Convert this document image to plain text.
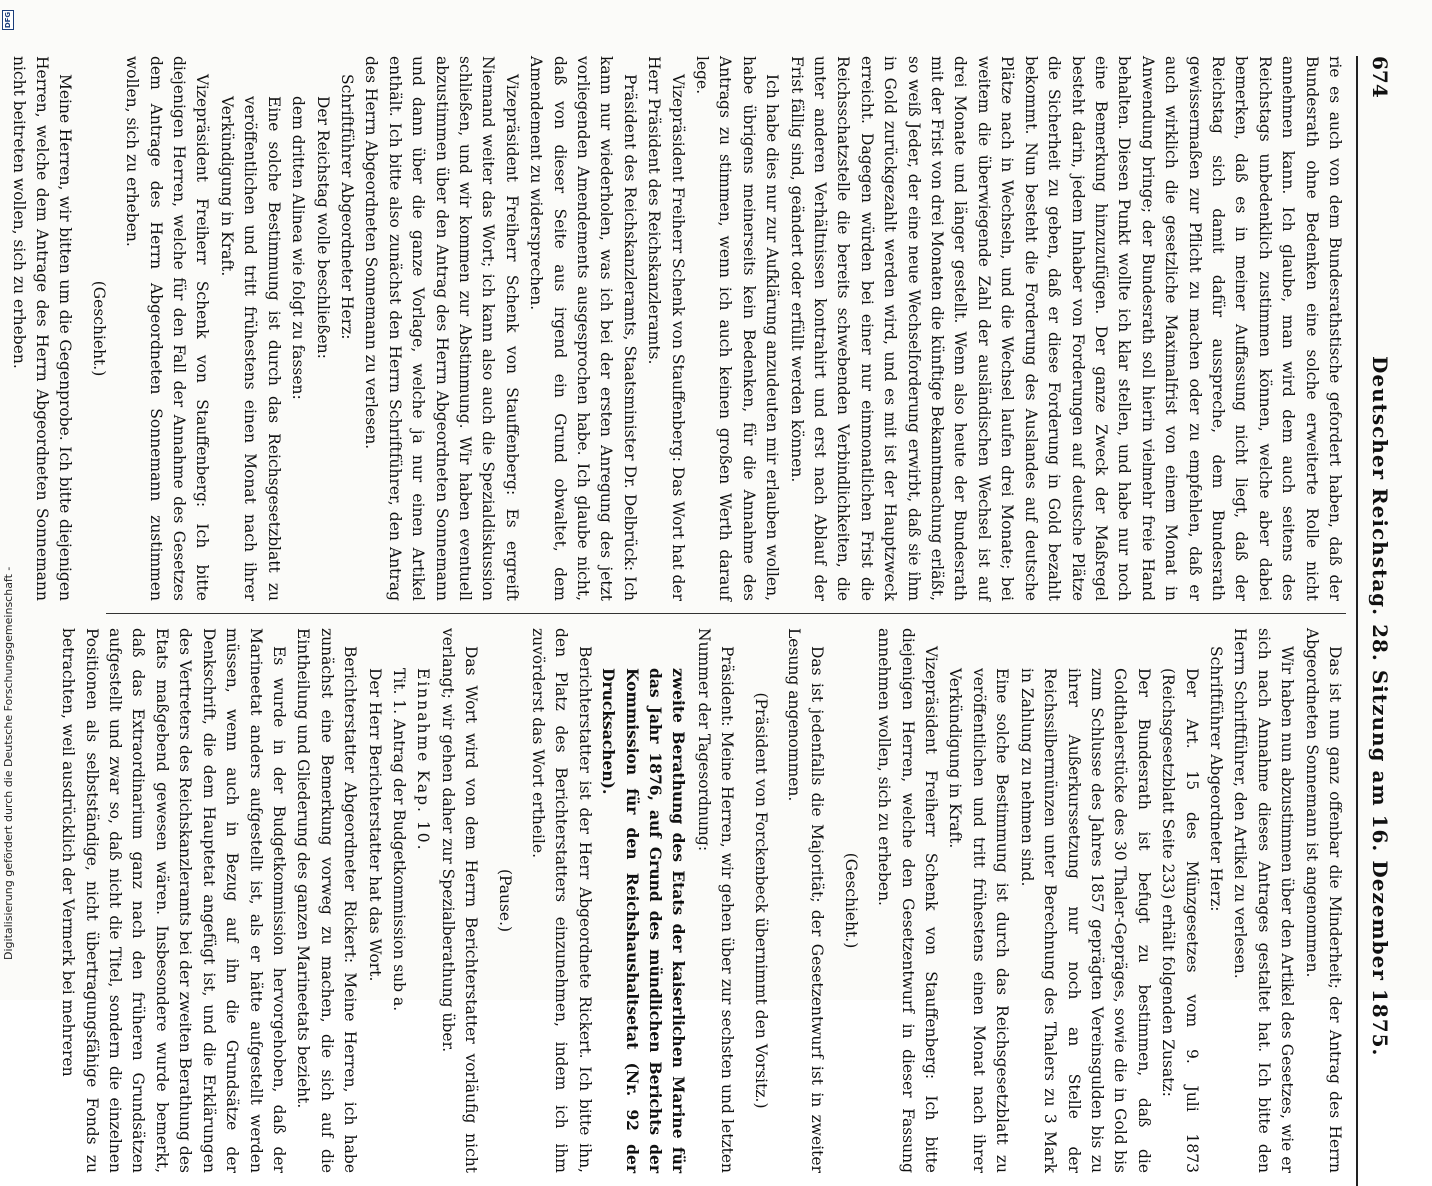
674
Deutscher Reichstag. 28. Sitzung am 16. Dezember 1875.

rie es auch von dem Bundesrathstische gefordert haben, daß der Bundesrath ohne Bedenken eine solche erweiterte Rolle nicht annehmen kann. Ich glaube, man wird dem auch seitens des Reichstags unbedenklich zustimmen können, welche aber dabei bemerken, daß es in meiner Auffassung nicht liegt, daß der Reichstag sich damit dafür ausspreche, dem Bundesrath gewissermaßen zur Pflicht zu machen oder zu empfehlen, daß er auch wirklich die gesetzliche Maximalfrist von einem Monat in Anwendung bringe; der Bundesrath soll hierin vielmehr freie Hand behalten. Diesen Punkt wollte ich klar stellen, und habe nur noch eine Bemerkung hinzuzufügen. Der ganze Zweck der Maßregel besteht darin, jedem Inhaber von Forderungen auf deutsche Plätze die Sicherheit zu geben, daß er diese Forderung in Gold bezahlt bekommt. Nun besteht die Forderung des Auslandes auf deutsche Plätze nach in Wechseln, und die Wechsel laufen drei Monate; bei weitem die überwiegende Zahl der ausländischen Wechsel ist auf drei Monate und länger gestellt. Wenn also heute der Bundesrath mit der Frist von drei Monaten die künftige Bekanntmachung erläßt, so weiß Jeder, der eine neue Wechselforderung erwirbt, daß sie ihm in Gold zurückgezahlt werden wird, und es mit ist der Hauptzweck erreicht. Dagegen würden bei einer nur einmonatlichen Frist die Reichsschatzstelle die bereits schwebenden Verbindlichkeiten, die unter anderen Verhältnissen kontrahirt und erst nach Ablauf der Frist fällig sind, geändert oder erfüllt werden können.

Ich habe dies nur zur Aufklärung anzudeuten mir erlauben wollen, habe übrigens meinerseits kein Bedenken, für die Annahme des Antrags zu stimmen, wenn ich auch keinen großen Werth darauf lege.

Vizepräsident Freiherr Schenk von Stauffenberg: Das Wort hat der Herr Präsident des Reichskanzleramts.

Präsident des Reichskanzleramts, Staatsminister Dr. Delbrück: Ich kann nur wiederholen, was ich bei der ersten Anregung des jetzt vorliegenden Amendements ausgesprochen habe. Ich glaube nicht, daß von dieser Seite aus irgend ein Grund obwaltet, dem Amendement zu widersprechen.

Vizepräsident Freiherr Schenk von Stauffenberg: Es ergreift Niemand weiter das Wort; ich kann also auch die Spezialdiskussion schließen, und wir kommen zur Abstimmung. Wir haben eventuell abzustimmen über den Antrag des Herrn Abgeordneten Sonnemann und dann über die ganze Vorlage, welche ja nur einen Artikel enthält. Ich bitte also zunächst den Herrn Schriftführer, den Antrag des Herrn Abgeordneten Sonnemann zu verlesen.

Schriftführer Abgeordneter Herz:

Der Reichstag wolle beschließen:

dem dritten Alinea wie folgt zu fassen:

Eine solche Bestimmung ist durch das Reichsgesetzblatt zu veröffentlichen und tritt frühestens einen Monat nach ihrer Verkündigung in Kraft.

Vizepräsident Freiherr Schenk von Stauffenberg: Ich bitte diejenigen Herren, welche für den Fall der Annahme des Gesetzes dem Antrage des Herrn Abgeordneten Sonnemann zustimmen wollen, sich zu erheben.

(Geschieht.)

Meine Herren, wir bitten um die Gegenprobe. Ich bitte diejenigen Herren, welche dem Antrage des Herrn Abgeordneten Sonnemann nicht beitreten wollen, sich zu erheben.

Das ist nun ganz offenbar die Minderheit; der Antrag des Herrn Abgeordneten Sonnemann ist angenommen.

Wir haben nun abzustimmen über den Artikel des Gesetzes, wie er sich nach Annahme dieses Antrages gestaltet hat. Ich bitte den Herrn Schriftführer, den Artikel zu verlesen.

Schriftführer Abgeordneter Herz:

Der Art. 15 des Münzgesetzes vom 9. Juli 1873 (Reichsgesetzblatt Seite 233) erhält folgenden Zusatz:

Der Bundesrath ist befugt zu bestimmen, daß die Goldthalerstücke des 30 Thaler-Gepräges, sowie die in Gold bis zum Schlusse des Jahres 1857 geprägten Vereinsgulden bis zu ihrer Außerkurssetzung nur noch an Stelle der Reichssilbermünzen unter Berechnung des Thalers zu 3 Mark in Zahlung zu nehmen sind.

Eine solche Bestimmung ist durch das Reichsgesetzblatt zu veröffentlichen und tritt frühestens einen Monat nach ihrer Verkündigung in Kraft.

Vizepräsident Freiherr Schenk von Stauffenberg: Ich bitte diejenigen Herren, welche den Gesetzentwurf in dieser Fassung annehmen wollen, sich zu erheben.

(Geschieht.)

Das ist jedenfalls die Majorität; der Gesetzentwurf ist in zweiter Lesung angenommen.

(Präsident von Forckenbeck übernimmt den Vorsitz.)

Präsident: Meine Herren, wir gehen über zur sechsten und letzten Nummer der Tagesordnung:

zweite Berathung des Etats der kaiserlichen Marine für das Jahr 1876, auf Grund des mündlichen Berichts der Kommission für den Reichshaushaltsetat (Nr. 92 der Drucksachen).

Berichterstatter ist der Herr Abgeordnete Rickert. Ich bitte ihn, den Platz des Berichterstatters einzunehmen, indem ich ihm zuvörderst das Wort ertheile.

(Pause.)

Das Wort wird von dem Herrn Berichterstatter vorläufig nicht verlangt; wir gehen daher zur Spezialberathung über.

Einnahme Kap. 10.

Tit. 1. Antrag der Budgetkommission sub a.

Der Herr Berichterstatter hat das Wort.

Berichterstatter Abgeordneter Rickert: Meine Herren, ich habe zunächst eine Bemerkung vorweg zu machen, die sich auf die Eintheilung und Gliederung des ganzen Marineetats bezieht.

Es wurde in der Budgetkommission hervorgehoben, daß der Marineetat anders aufgestellt ist, als er hätte aufgestellt werden müssen, wenn auch in Bezug auf ihn die Grundsätze der Denkschrift, die dem Hauptetat angefügt ist, und die Erklärungen des Vertreters des Reichskanzleramts bei der zweiten Berathung des Etats maßgebend gewesen wären. Insbesondere wurde bemerkt, daß das Extraordinarium ganz nach den früheren Grundsätzen aufgestellt und zwar so, daß nicht die Titel, sondern die einzelnen Positionen als selbstständige, nicht übertragungsfähige Fonds zu betrachten, weil ausdrücklich der Vermerk bei mehreren

Digitalisierung gefördert durch die Deutsche Forschungsgemeinschaft -
DFG
